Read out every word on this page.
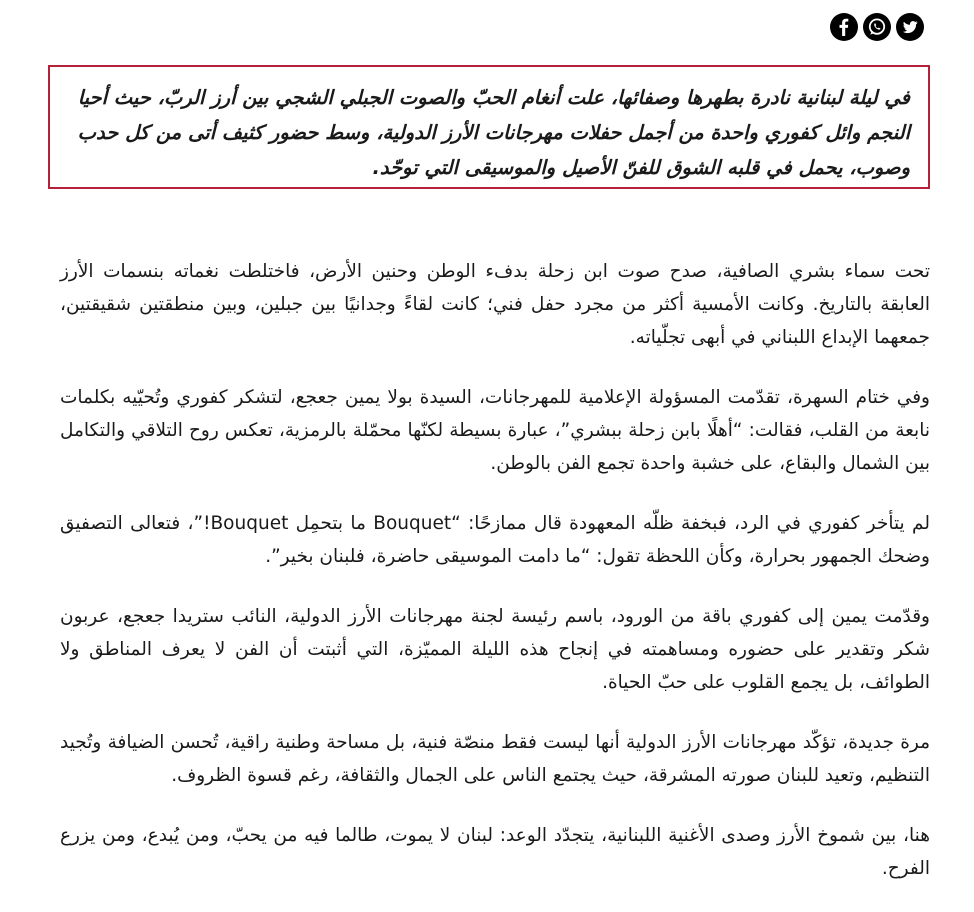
في ليلة لبنانية نادرة بطهرها وصفائها، علت أنغام الحبّ والصوت الجبلي الشجي بين أرز الربّ، حيث أحيا النجم وائل كفوري واحدة من أجمل حفلات مهرجانات الأرز الدولية، وسط حضور كثيف أتى من كل حدب وصوب، يحمل في قلبه الشوق للفنّ الأصيل والموسيقى التي توحّد.

تحت سماء بشري الصافية، صدح صوت ابن زحلة بدفء الوطن وحنين الأرض، فاختلطت نغماته بنسمات الأرز العابقة بالتاريخ. وكانت الأمسية أكثر من مجرد حفل فني؛ كانت لقاءً وجدانيًا بين جبلين، وبين منطقتين شقيقتين، جمعهما الإبداع اللبناني في أبهى تجلّياته.

وفي ختام السهرة، تقدّمت المسؤولة الإعلامية للمهرجانات، السيدة بولا يمين جعجع، لتشكر كفوري وتُحيّيه بكلمات نابعة من القلب، فقالت: “أهلًا بابن زحلة ببشري”، عبارة بسيطة لكنّها محمّلة بالرمزية، تعكس روح التلاقي والتكامل بين الشمال والبقاع، على خشبة واحدة تجمع الفن بالوطن.

لم يتأخر كفوري في الرد، فبخفة ظلّه المعهودة قال ممازحًا: “Bouquet ما بتحمِل Bouquet!”، فتعالى التصفيق وضحك الجمهور بحرارة، وكأن اللحظة تقول: “ما دامت الموسيقى حاضرة، فلبنان بخير”.

وقدّمت يمين إلى كفوري باقة من الورود، باسم رئيسة لجنة مهرجانات الأرز الدولية، النائب ستريدا جعجع، عربون شكر وتقدير على حضوره ومساهمته في إنجاح هذه الليلة المميّزة، التي أثبتت أن الفن لا يعرف المناطق ولا الطوائف، بل يجمع القلوب على حبّ الحياة.

مرة جديدة، تؤكّد مهرجانات الأرز الدولية أنها ليست فقط منصّة فنية، بل مساحة وطنية راقية، تُحسن الضيافة وتُجيد التنظيم، وتعيد للبنان صورته المشرقة، حيث يجتمع الناس على الجمال والثقافة، رغم قسوة الظروف.

هنا، بين شموخ الأرز وصدى الأغنية اللبنانية، يتجدّد الوعد: لبنان لا يموت، طالما فيه من يحبّ، ومن يُبدع، ومن يزرع الفرح.
